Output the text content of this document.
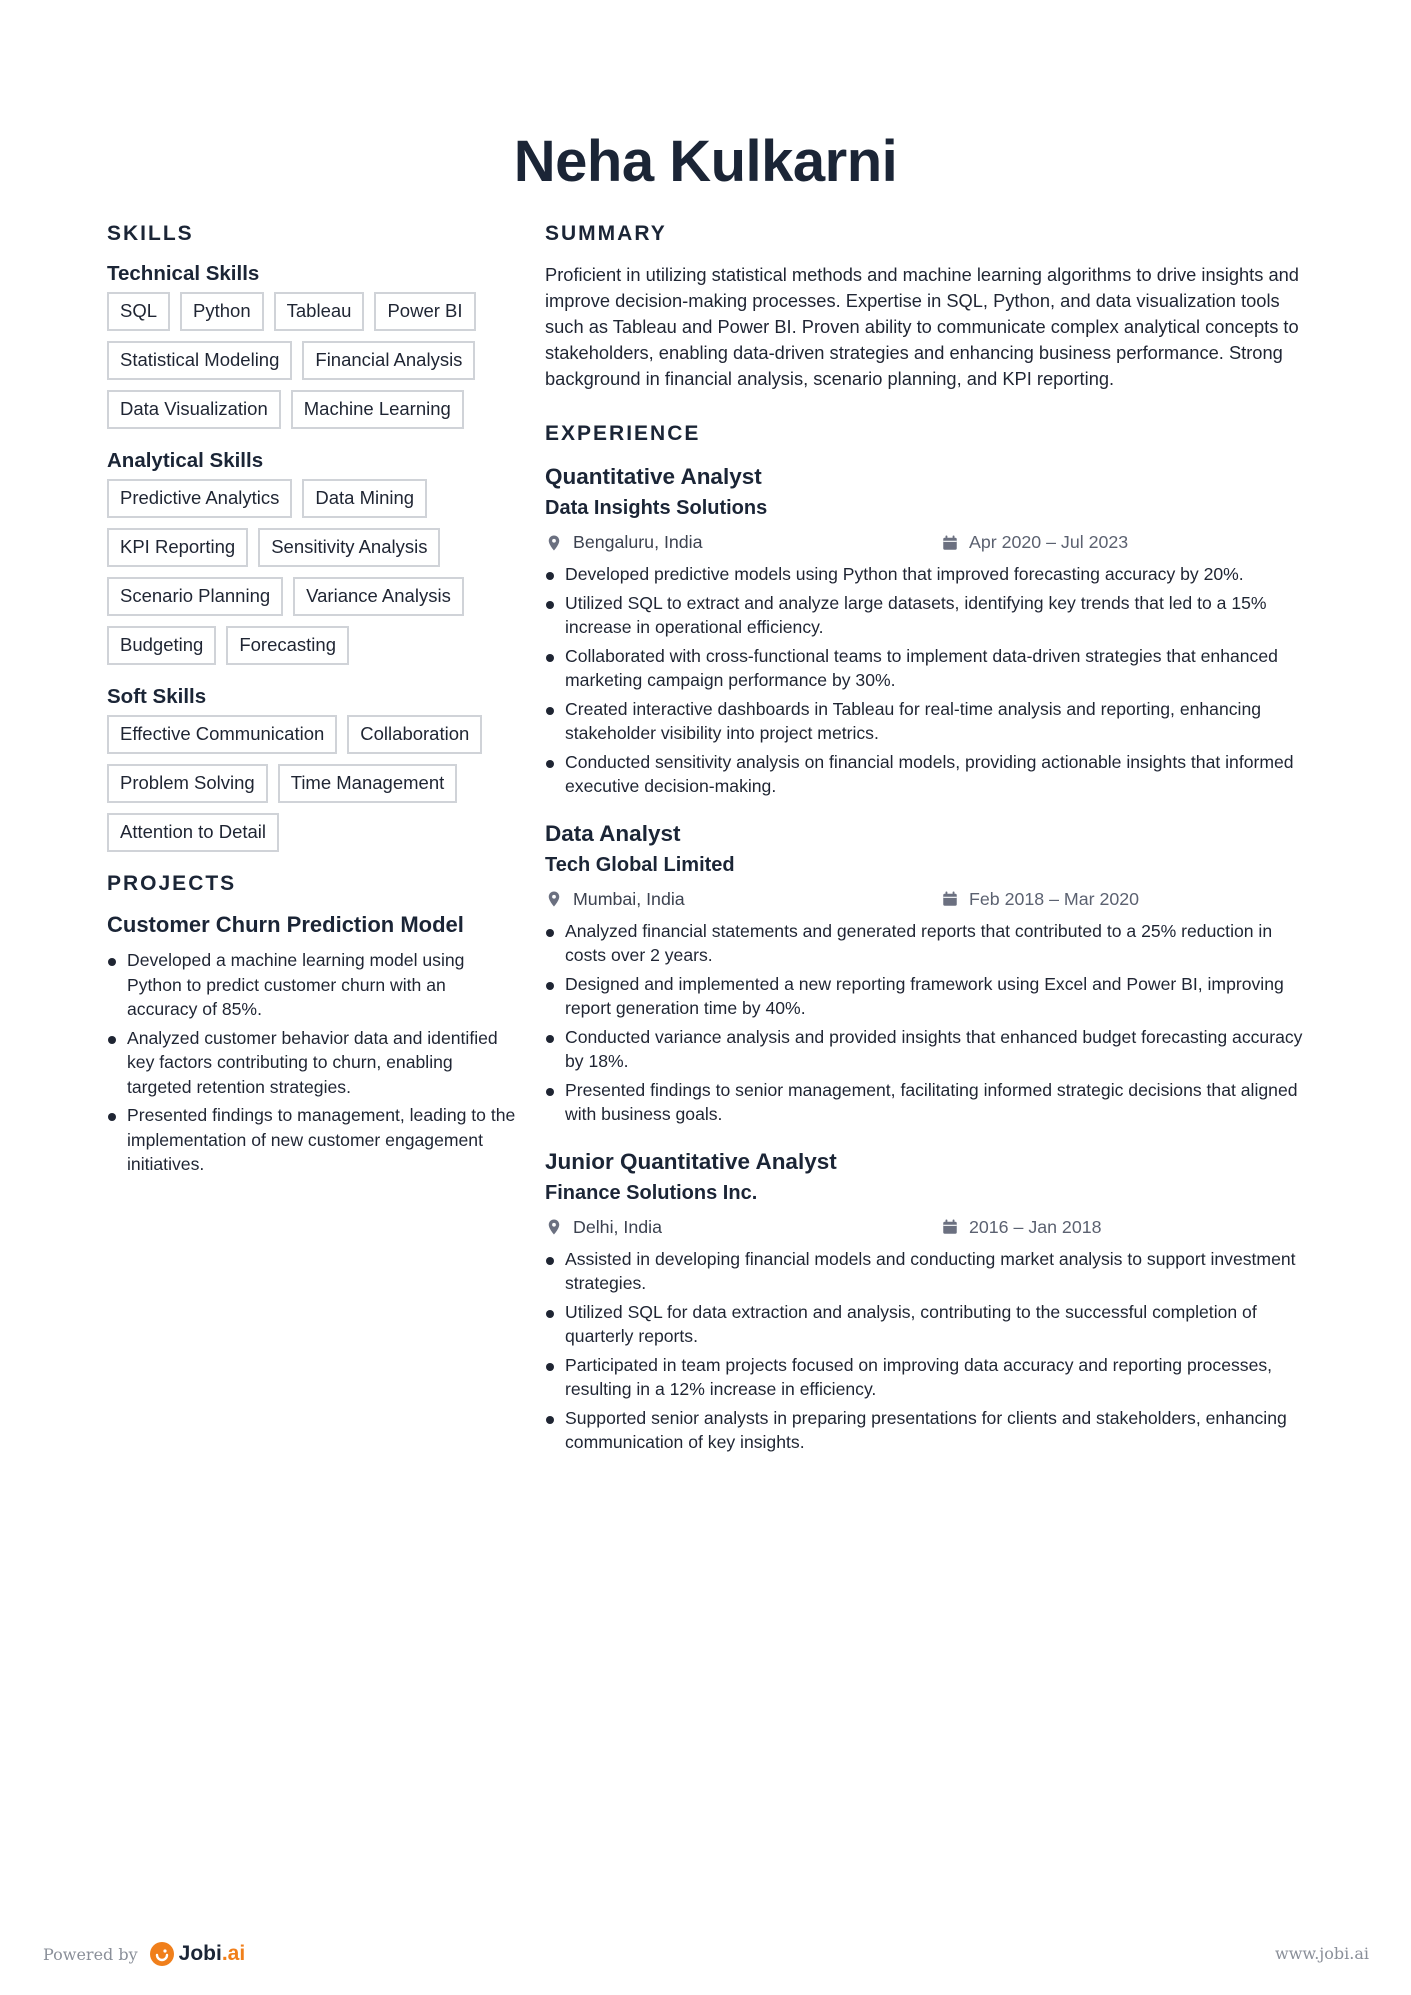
Neha Kulkarni
SKILLS
Technical Skills
SQL	Python	Tableau	Power BI
Statistical Modeling	Financial Analysis
Data Visualization	Machine Learning
Analytical Skills
Predictive Analytics	Data Mining
KPI Reporting	Sensitivity Analysis
Scenario Planning	Variance Analysis
Budgeting	Forecasting
Soft Skills
Effective Communication	Collaboration
Problem Solving	Time Management
Attention to Detail
PROJECTS
Customer Churn Prediction Model
Developed a machine learning model using Python to predict customer churn with an accuracy of 85%.
Analyzed customer behavior data and identified key factors contributing to churn, enabling targeted retention strategies.
Presented findings to management, leading to the implementation of new customer engagement initiatives.
SUMMARY

Proficient in utilizing statistical methods and machine learning algorithms to drive insights and improve decision-making processes. Expertise in SQL, Python, and data visualization tools such as Tableau and Power BI. Proven ability to communicate complex analytical concepts to stakeholders, enabling data-driven strategies and enhancing business performance. Strong background in financial analysis, scenario planning, and KPI reporting.

EXPERIENCE
Quantitative Analyst
Data Insights Solutions
Bengaluru, India	Apr 2020 – Jul 2023
Developed predictive models using Python that improved forecasting accuracy by 20%.
Utilized SQL to extract and analyze large datasets, identifying key trends that led to a 15% increase in operational efficiency.
Collaborated with cross-functional teams to implement data-driven strategies that enhanced marketing campaign performance by 30%.
Created interactive dashboards in Tableau for real-time analysis and reporting, enhancing stakeholder visibility into project metrics.
Conducted sensitivity analysis on financial models, providing actionable insights that informed executive decision-making.
Data Analyst
Tech Global Limited
Mumbai, India	Feb 2018 – Mar 2020
Analyzed financial statements and generated reports that contributed to a 25% reduction in costs over 2 years.
Designed and implemented a new reporting framework using Excel and Power BI, improving report generation time by 40%.
Conducted variance analysis and provided insights that enhanced budget forecasting accuracy by 18%.
Presented findings to senior management, facilitating informed strategic decisions that aligned with business goals.
Junior Quantitative Analyst
Finance Solutions Inc.
Delhi, India	2016 – Jan 2018
Assisted in developing financial models and conducting market analysis to support investment strategies.
Utilized SQL for data extraction and analysis, contributing to the successful completion of quarterly reports.
Participated in team projects focused on improving data accuracy and reporting processes, resulting in a 12% increase in efficiency.
Supported senior analysts in preparing presentations for clients and stakeholders, enhancing communication of key insights.
Powered by Jobi .ai	www.jobi.ai
